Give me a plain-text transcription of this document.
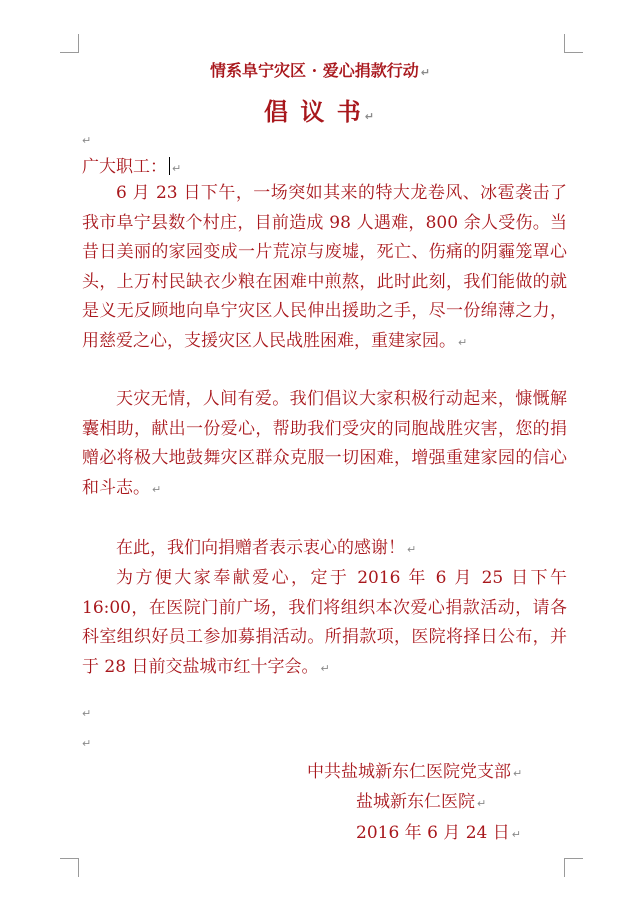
情系阜宁灾区 · 爱心捐款行动 ↵
倡 议 书 ↵
↵
广大职工： ↵

6 月 23 日下午，一场突如其来的特大龙卷风、冰雹袭击了我市阜宁县数个村庄，目前造成 98 人遇难，800 余人受伤。当昔日美丽的家园变成一片荒凉与废墟，死亡、伤痛的阴霾笼罩心头，上万村民缺衣少粮在困难中煎熬，此时此刻，我们能做的就是义无反顾地向阜宁灾区人民伸出援助之手，尽一份绵薄之力，用慈爱之心，支援灾区人民战胜困难，重建家园。 ↵

天灾无情，人间有爱。我们倡议大家积极行动起来，慷慨解囊相助，献出一份爱心，帮助我们受灾的同胞战胜灾害，您的捐赠必将极大地鼓舞灾区群众克服一切困难，增强重建家园的信心和斗志。 ↵

在此，我们向捐赠者表示衷心的感谢！ ↵

为方便大家奉献爱心，定于 2016 年 6 月 25 日下午 16:00，在医院门前广场，我们将组织本次爱心捐款活动，请各科室组织好员工参加募捐活动。所捐款项，医院将择日公布，并于 28 日前交盐城市红十字会。 ↵

↵
↵
中共盐城新东仁医院党支部 ↵
盐城新东仁医院 ↵
2016 年 6 月 24 日 ↵
